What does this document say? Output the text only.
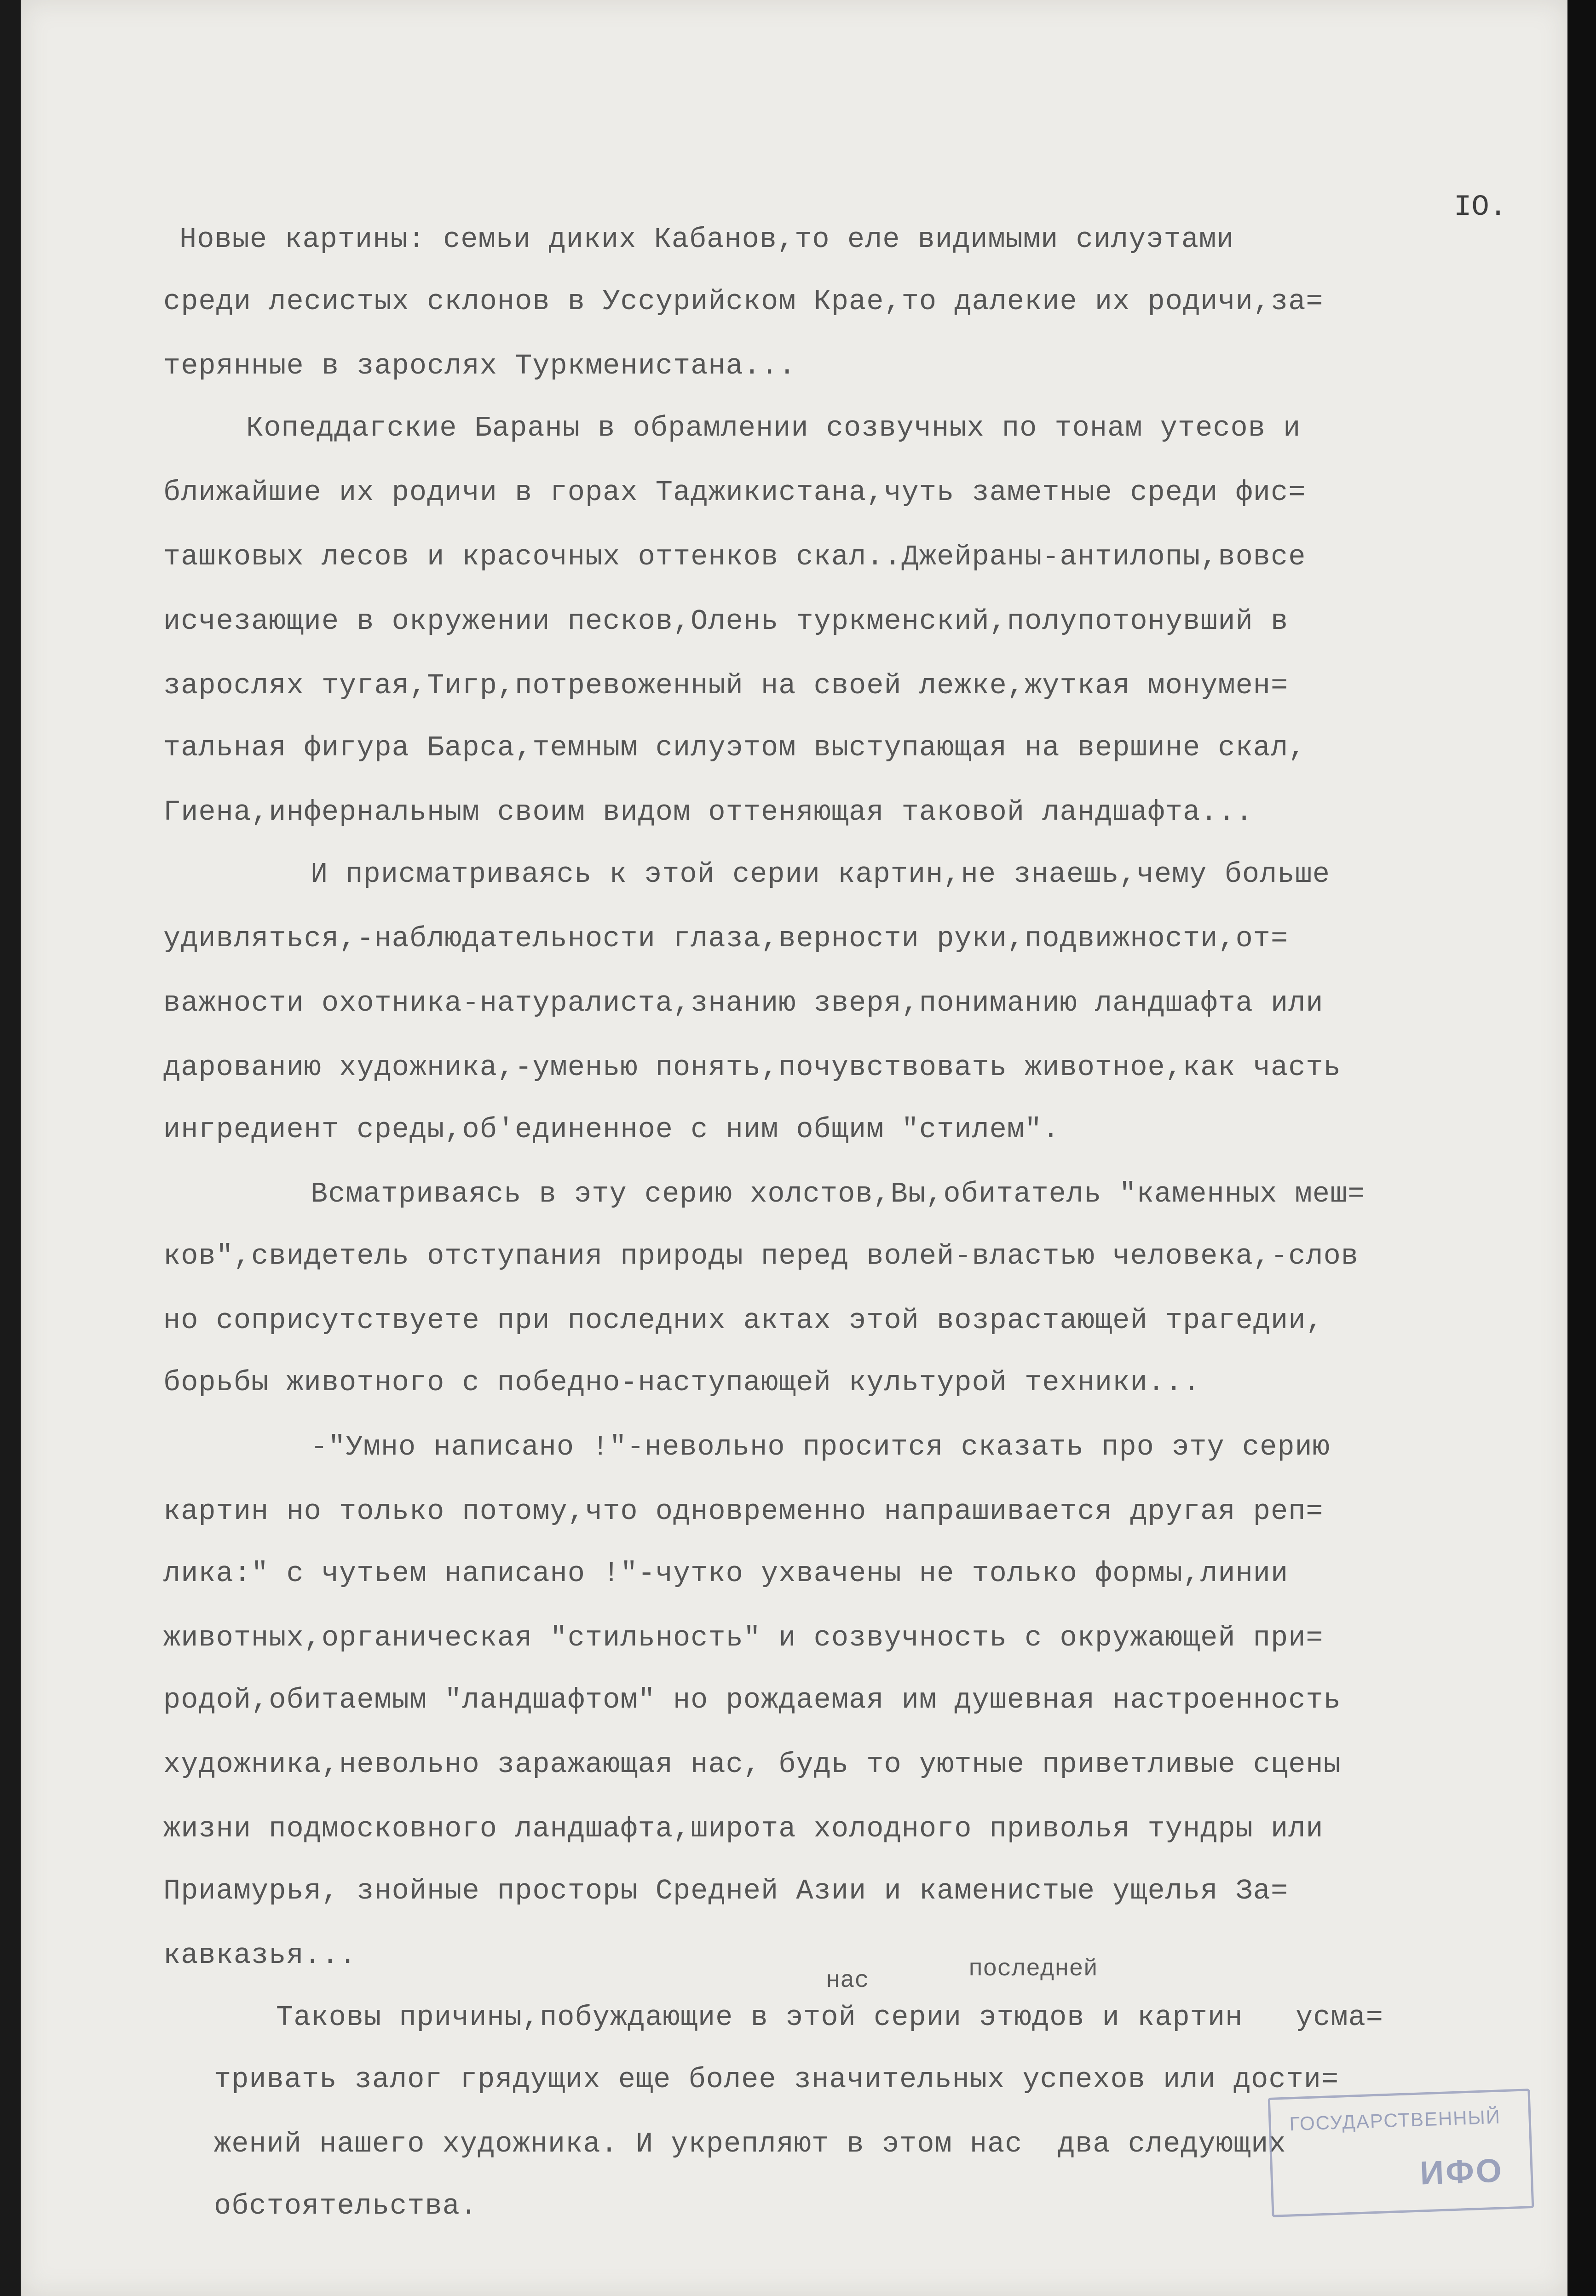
IO.
Новые картины: семьи диких Кабанов,то еле видимыми силуэтами
среди лесистых склонов в Уссурийском Крае,то далекие их родичи,за=
терянные в зарослях Туркменистана...
Копеддагские Бараны в обрамлении созвучных по тонам утесов и
ближайшие их родичи в горах Таджикистана,чуть заметные среди фис=
ташковых лесов и красочных оттенков скал..Джейраны-антилопы,вовсе
исчезающие в окружении песков,Олень туркменский,полупотонувший в
зарослях тугая,Тигр,потревоженный на своей лежке,жуткая монумен=
тальная фигура Барса,темным силуэтом выступающая на вершине скал,
Гиена,инфернальным своим видом оттеняющая таковой ландшафта...
И присматриваясь к этой серии картин,не знаешь,чему больше
удивляться,-наблюдательности глаза,верности руки,подвижности,от=
важности охотника-натуралиста,знанию зверя,пониманию ландшафта или
дарованию художника,-уменью понять,почувствовать животное,как часть
ингредиент среды,об'единенное с ним общим "стилем".
Всматриваясь в эту серию холстов,Вы,обитатель "каменных меш=
ков",свидетель отступания природы перед волей-властью человека,-слов
но соприсутствуете при последних актах этой возрастающей трагедии,
борьбы животного с победно-наступающей культурой техники...
-"Умно написано !"-невольно просится сказать про эту серию
картин но только потому,что одновременно напрашивается другая реп=
лика:" с чутьем написано !"-чутко ухвачены не только формы,линии
животных,органическая "стильность" и созвучность с окружающей при=
родой,обитаемым "ландшафтом" но рождаемая им душевная настроенность
художника,невольно заражающая нас, будь то уютные приветливые сцены
жизни подмосковного ландшафта,широта холодного приволья тундры или
Приамурья, знойные просторы Средней Азии и каменистые ущелья За=
кавказья...
нас	последней
Таковы причины,побуждающие в этой серии этюдов и картин   усма=
тривать залог грядущих еще более значительных успехов или дости=
жений нашего художника. И укрепляют в этом нас  два следующих
обстоятельства.
ГОСУДАРСТВЕННЫЙ
ИФО
